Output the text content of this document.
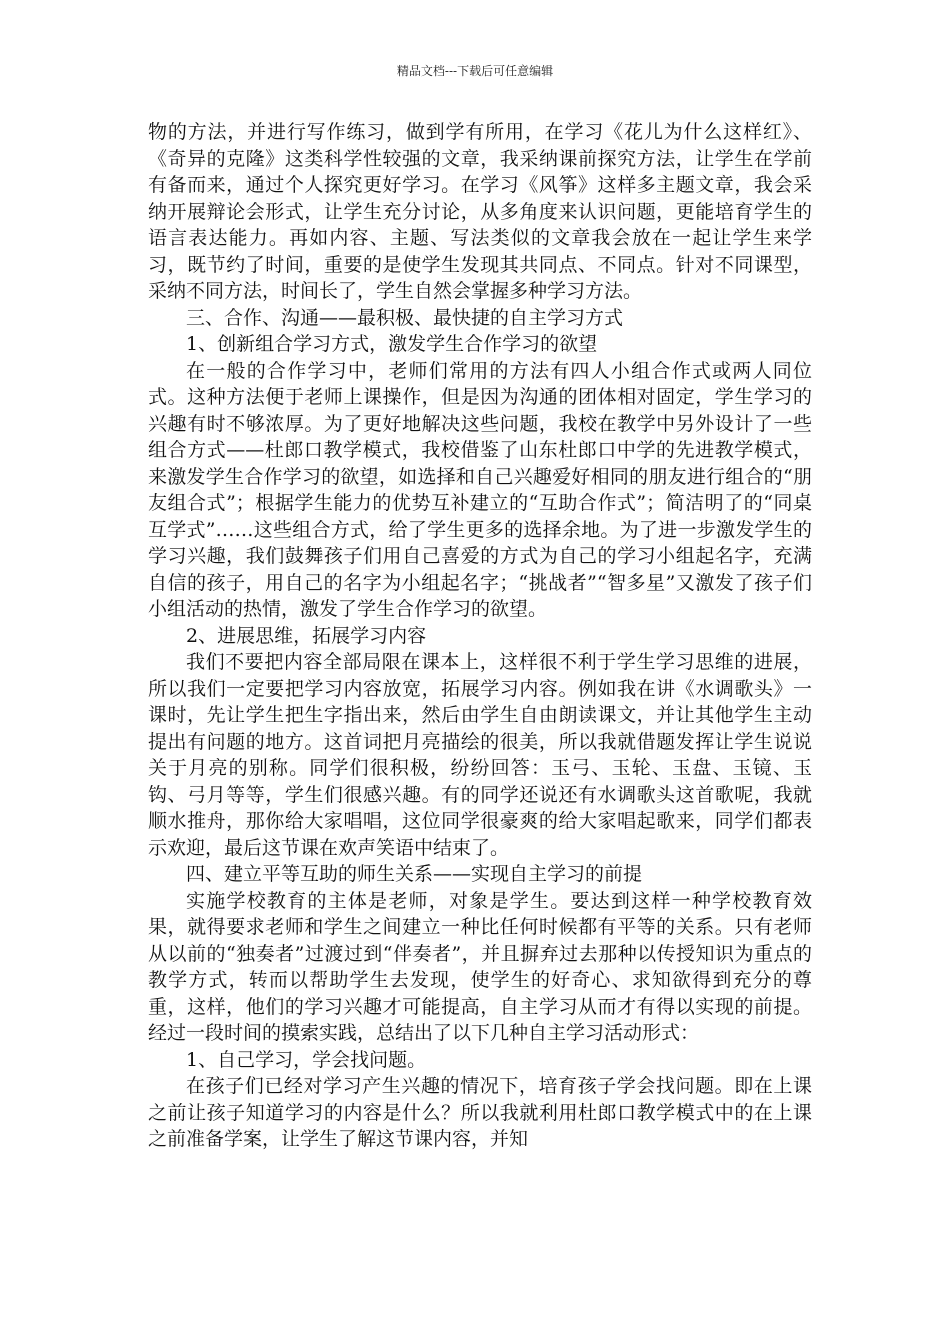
精品文档---下载后可任意编辑

物的方法，并进行写作练习，做到学有所用，在学习《花儿为什么这样红》、《奇异的克隆》这类科学性较强的文章，我采纳课前探究方法，让学生在学前有备而来，通过个人探究更好学习。在学习《风筝》这样多主题文章，我会采纳开展辩论会形式，让学生充分讨论，从多角度来认识问题，更能培育学生的语言表达能力。再如内容、主题、写法类似的文章我会放在一起让学生来学习，既节约了时间，重要的是使学生发现其共同点、不同点。针对不同课型，采纳不同方法，时间长了，学生自然会掌握多种学习方法。

三、合作、沟通——最积极、最快捷的自主学习方式

1、创新组合学习方式，激发学生合作学习的欲望

在一般的合作学习中，老师们常用的方法有四人小组合作式或两人同位式。这种方法便于老师上课操作，但是因为沟通的团体相对固定，学生学习的兴趣有时不够浓厚。为了更好地解决这些问题，我校在教学中另外设计了一些组合方式——杜郎口教学模式，我校借鉴了山东杜郎口中学的先进教学模式，来激发学生合作学习的欲望，如选择和自己兴趣爱好相同的朋友进行组合的“朋友组合式”；根据学生能力的优势互补建立的“互助合作式”；简洁明了的“同桌互学式”……这些组合方式，给了学生更多的选择余地。为了进一步激发学生的学习兴趣，我们鼓舞孩子们用自己喜爱的方式为自己的学习小组起名字，充满自信的孩子，用自己的名字为小组起名字；“挑战者”“智多星”又激发了孩子们小组活动的热情，激发了学生合作学习的欲望。

2、进展思维，拓展学习内容

我们不要把内容全部局限在课本上，这样很不利于学生学习思维的进展，所以我们一定要把学习内容放宽，拓展学习内容。例如我在讲《水调歌头》一课时，先让学生把生字指出来，然后由学生自由朗读课文，并让其他学生主动提出有问题的地方。这首词把月亮描绘的很美，所以我就借题发挥让学生说说关于月亮的别称。同学们很积极，纷纷回答：玉弓、玉轮、玉盘、玉镜、玉钩、弓月等等，学生们很感兴趣。有的同学还说还有水调歌头这首歌呢，我就顺水推舟，那你给大家唱唱，这位同学很豪爽的给大家唱起歌来，同学们都表示欢迎，最后这节课在欢声笑语中结束了。

四、建立平等互助的师生关系——实现自主学习的前提

实施学校教育的主体是老师，对象是学生。要达到这样一种学校教育效果，就得要求老师和学生之间建立一种比任何时候都有平等的关系。只有老师从以前的“独奏者”过渡过到“伴奏者”，并且摒弃过去那种以传授知识为重点的教学方式，转而以帮助学生去发现，使学生的好奇心、求知欲得到充分的尊重，这样，他们的学习兴趣才可能提高，自主学习从而才有得以实现的前提。经过一段时间的摸索实践，总结出了以下几种自主学习活动形式：

1、自己学习，学会找问题。

在孩子们已经对学习产生兴趣的情况下，培育孩子学会找问题。即在上课之前让孩子知道学习的内容是什么？所以我就利用杜郎口教学模式中的在上课之前准备学案，让学生了解这节课内容，并知
